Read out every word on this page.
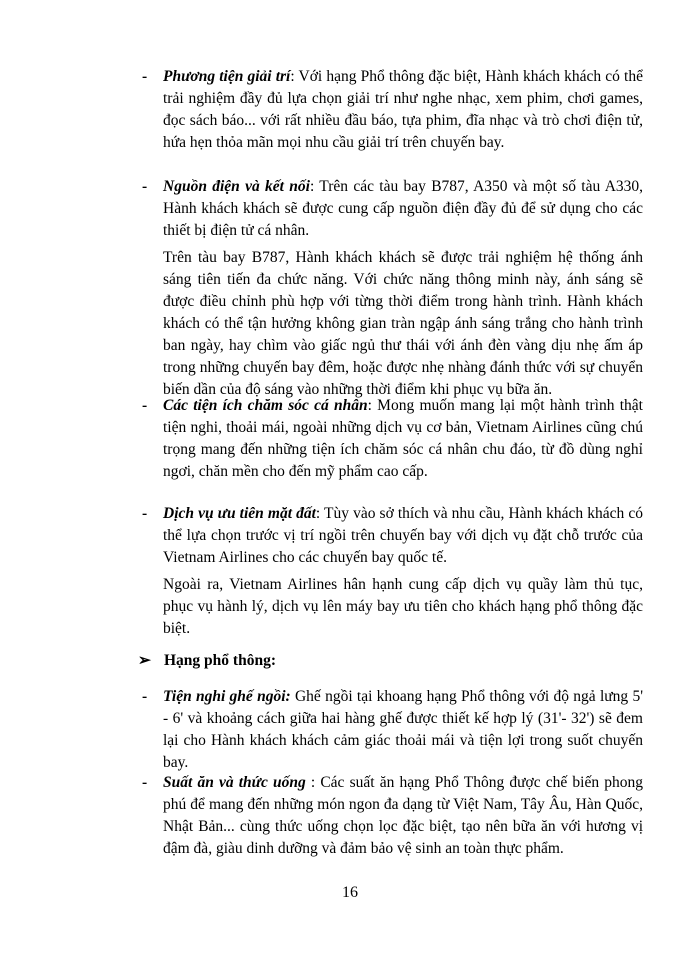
- Phương tiện giải trí: Với hạng Phổ thông đặc biệt, Hành khách khách có thể trải nghiệm đầy đủ lựa chọn giải trí như nghe nhạc, xem phim, chơi games, đọc sách báo... với rất nhiều đầu báo, tựa phim, đĩa nhạc và trò chơi điện tử, hứa hẹn thỏa mãn mọi nhu cầu giải trí trên chuyến bay.

- Nguồn điện và kết nối: Trên các tàu bay B787, A350 và một số tàu A330, Hành khách khách sẽ được cung cấp nguồn điện đầy đủ để sử dụng cho các thiết bị điện tử cá nhân.

Trên tàu bay B787, Hành khách khách sẽ được trải nghiệm hệ thống ánh sáng tiên tiến đa chức năng. Với chức năng thông minh này, ánh sáng sẽ được điều chỉnh phù hợp với từng thời điểm trong hành trình. Hành khách khách có thể tận hưởng không gian tràn ngập ánh sáng trắng cho hành trình ban ngày, hay chìm vào giấc ngủ thư thái với ánh đèn vàng dịu nhẹ ấm áp trong những chuyến bay đêm, hoặc được nhẹ nhàng đánh thức với sự chuyển biến dần của độ sáng vào những thời điểm khi phục vụ bữa ăn.

- Các tiện ích chăm sóc cá nhân: Mong muốn mang lại một hành trình thật tiện nghi, thoải mái, ngoài những dịch vụ cơ bản, Vietnam Airlines cũng chú trọng mang đến những tiện ích chăm sóc cá nhân chu đáo, từ đồ dùng nghỉ ngơi, chăn mền cho đến mỹ phẩm cao cấp.

- Dịch vụ ưu tiên mặt đất: Tùy vào sở thích và nhu cầu, Hành khách khách có thể lựa chọn trước vị trí ngồi trên chuyến bay với dịch vụ đặt chỗ trước của Vietnam Airlines cho các chuyến bay quốc tế.

Ngoài ra, Vietnam Airlines hân hạnh cung cấp dịch vụ quầy làm thủ tục, phục vụ hành lý, dịch vụ lên máy bay ưu tiên cho khách hạng phổ thông đặc biệt.

➢ Hạng phổ thông:
- Tiện nghi ghế ngồi: Ghế ngồi tại khoang hạng Phổ thông với độ ngả lưng 5' - 6' và khoảng cách giữa hai hàng ghế được thiết kế hợp lý (31'- 32') sẽ đem lại cho Hành khách khách cảm giác thoải mái và tiện lợi trong suốt chuyến bay.

- Suất ăn và thức uống : Các suất ăn hạng Phổ Thông được chế biến phong phú để mang đến những món ngon đa dạng từ Việt Nam, Tây Âu, Hàn Quốc, Nhật Bản... cùng thức uống chọn lọc đặc biệt, tạo nên bữa ăn với hương vị đậm đà, giàu dinh dưỡng và đảm bảo vệ sinh an toàn thực phẩm.

16
